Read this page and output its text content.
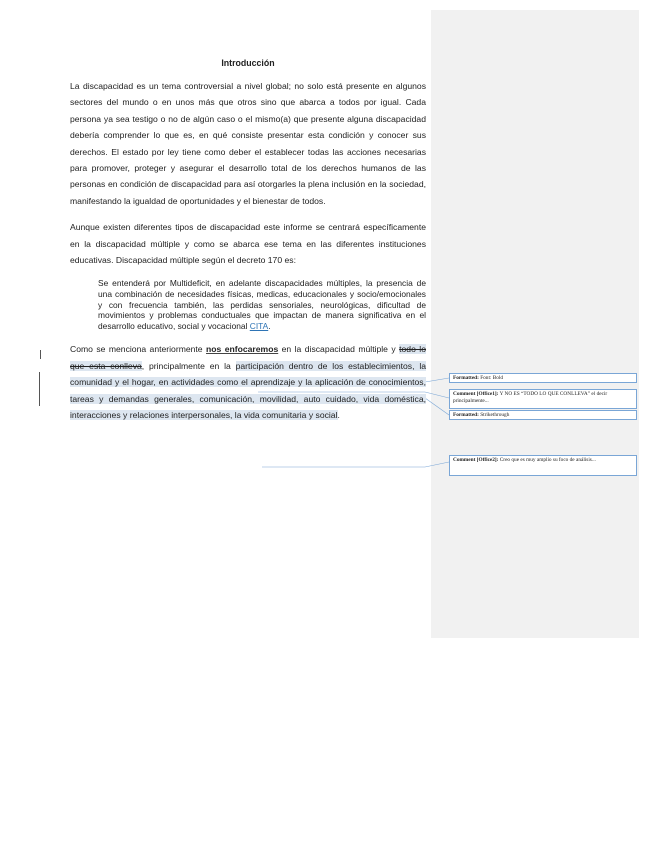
Introducción

La discapacidad es un tema controversial a nivel global; no solo está presente en algunos sectores del mundo o en unos más que otros sino que abarca a todos por igual. Cada persona ya sea testigo o no de algún caso o el mismo(a) que presente alguna discapacidad debería comprender lo que es, en qué consiste presentar esta condición y conocer sus derechos. El estado por ley tiene como deber el establecer todas las acciones necesarias para promover, proteger y asegurar el desarrollo total de los derechos humanos de las personas en condición de discapacidad para así otorgarles la plena inclusión en la sociedad, manifestando la igualdad de oportunidades y el bienestar de todos.

Aunque existen diferentes tipos de discapacidad este informe se centrará específicamente en la discapacidad múltiple y como se abarca ese tema en las diferentes instituciones educativas. Discapacidad múltiple según el decreto 170 es:

Se entenderá por Multideficit, en adelante discapacidades múltiples, la presencia de una combinación de necesidades físicas, medicas, educacionales y socio/emocionales y con frecuencia también, las perdidas sensoriales, neurológicas, dificultad de movimientos y problemas conductuales que impactan de manera significativa en el desarrollo educativo, social y vocacional CITA.

Como se menciona anteriormente nos enfocaremos en la discapacidad múltiple y todo lo que esta conlleva, principalmente en la participación dentro de los establecimientos, la comunidad y el hogar, en actividades como el aprendizaje y la aplicación de conocimientos, tareas y demandas generales, comunicación, movilidad, auto cuidado, vida doméstica, interacciones y relaciones interpersonales, la vida comunitaria y social.

Formatted: Font: Bold
Comment [Office1]: Y NO ES “TODO LO QUE CONLLEVA” el decir principalmente...
Formatted: Strikethrough
Comment [Office2]: Creo que es muy amplio su foco de análisis...
